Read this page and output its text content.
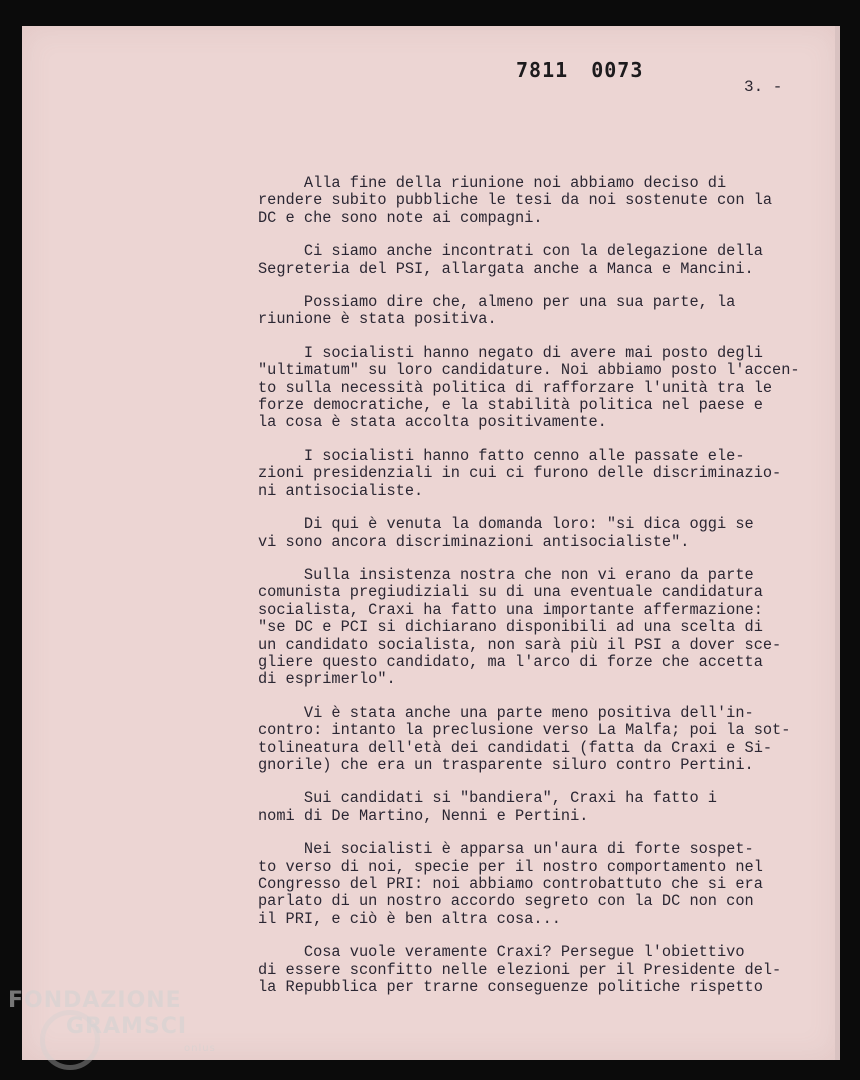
7811 0073
3. -
Alla fine della riunione noi abbiamo deciso di
rendere subito pubbliche le tesi da noi sostenute con la
DC e che sono note ai compagni.
Ci siamo anche incontrati con la delegazione della
Segreteria del PSI, allargata anche a Manca e Mancini.
Possiamo dire che, almeno per una sua parte, la
riunione è stata positiva.
I socialisti hanno negato di avere mai posto degli
"ultimatum" su loro candidature. Noi abbiamo posto l'accen-
to sulla necessità politica di rafforzare l'unità tra le
forze democratiche, e la stabilità politica nel paese e
la cosa è stata accolta positivamente.
I socialisti hanno fatto cenno alle passate ele-
zioni presidenziali in cui ci furono delle discriminazio-
ni antisocialiste.
Di qui è venuta la domanda loro: "si dica oggi se
vi sono ancora discriminazioni antisocialiste".
Sulla insistenza nostra che non vi erano da parte
comunista pregiudiziali su di una eventuale candidatura
socialista, Craxi ha fatto una importante affermazione:
"se DC e PCI si dichiarano disponibili ad una scelta di
un candidato socialista, non sarà più il PSI a dover sce-
gliere questo candidato, ma l'arco di forze che accetta
di esprimerlo".
Vi è stata anche una parte meno positiva dell'in-
contro: intanto la preclusione verso La Malfa; poi la sot-
tolineatura dell'età dei candidati (fatta da Craxi e Si-
gnorile) che era un trasparente siluro contro Pertini.
Sui candidati si "bandiera", Craxi ha fatto i
nomi di De Martino, Nenni e Pertini.
Nei socialisti è apparsa un'aura di forte sospet-
to verso di noi, specie per il nostro comportamento nel
Congresso del PRI: noi abbiamo controbattuto che si era
parlato di un nostro accordo segreto con la DC non con
il PRI, e ciò è ben altra cosa...
Cosa vuole veramente Craxi? Persegue l'obiettivo
di essere sconfitto nelle elezioni per il Presidente del-
la Repubblica per trarne conseguenze politiche rispetto
FONDAZIONE
GRAMSCI
onlus
